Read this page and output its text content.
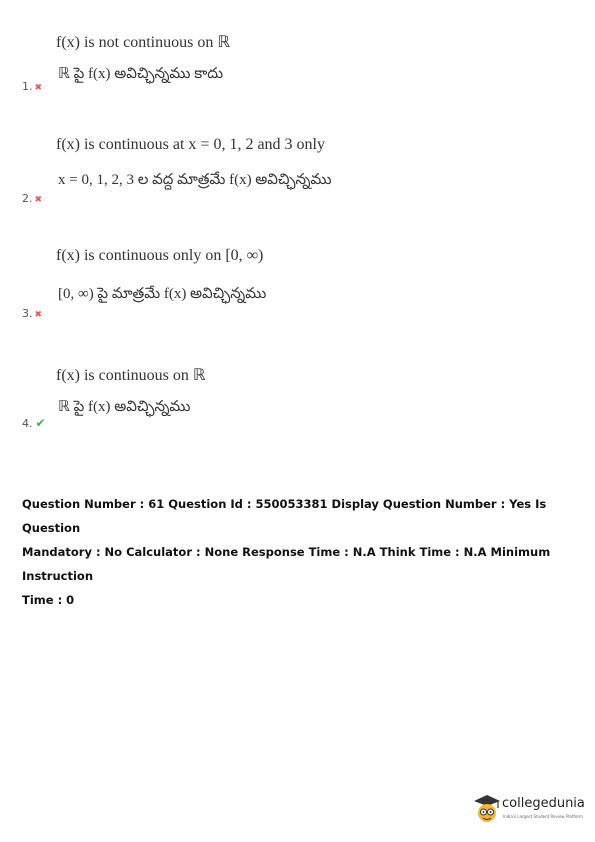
f(x) is not continuous on ℝ
ℝ పై f(x) అవిచ్ఛిన్నము కాదు
1. ✖
f(x) is continuous at x = 0, 1, 2 and 3 only
x = 0, 1, 2, 3 ల వద్ద మాత్రమే f(x) అవిచ్ఛిన్నము
2. ✖
f(x) is continuous only on [0, ∞)
[0, ∞) పై మాత్రమే f(x) అవిచ్ఛిన్నము
3. ✖
f(x) is continuous on ℝ
ℝ పై f(x) అవిచ్ఛిన్నము
4. ✔
Question Number : 61 Question Id : 550053381 Display Question Number : Yes Is Question
Mandatory : No Calculator : None Response Time : N.A Think Time : N.A Minimum Instruction
Time : 0
collegedunia
India's Largest Student Review Platform
